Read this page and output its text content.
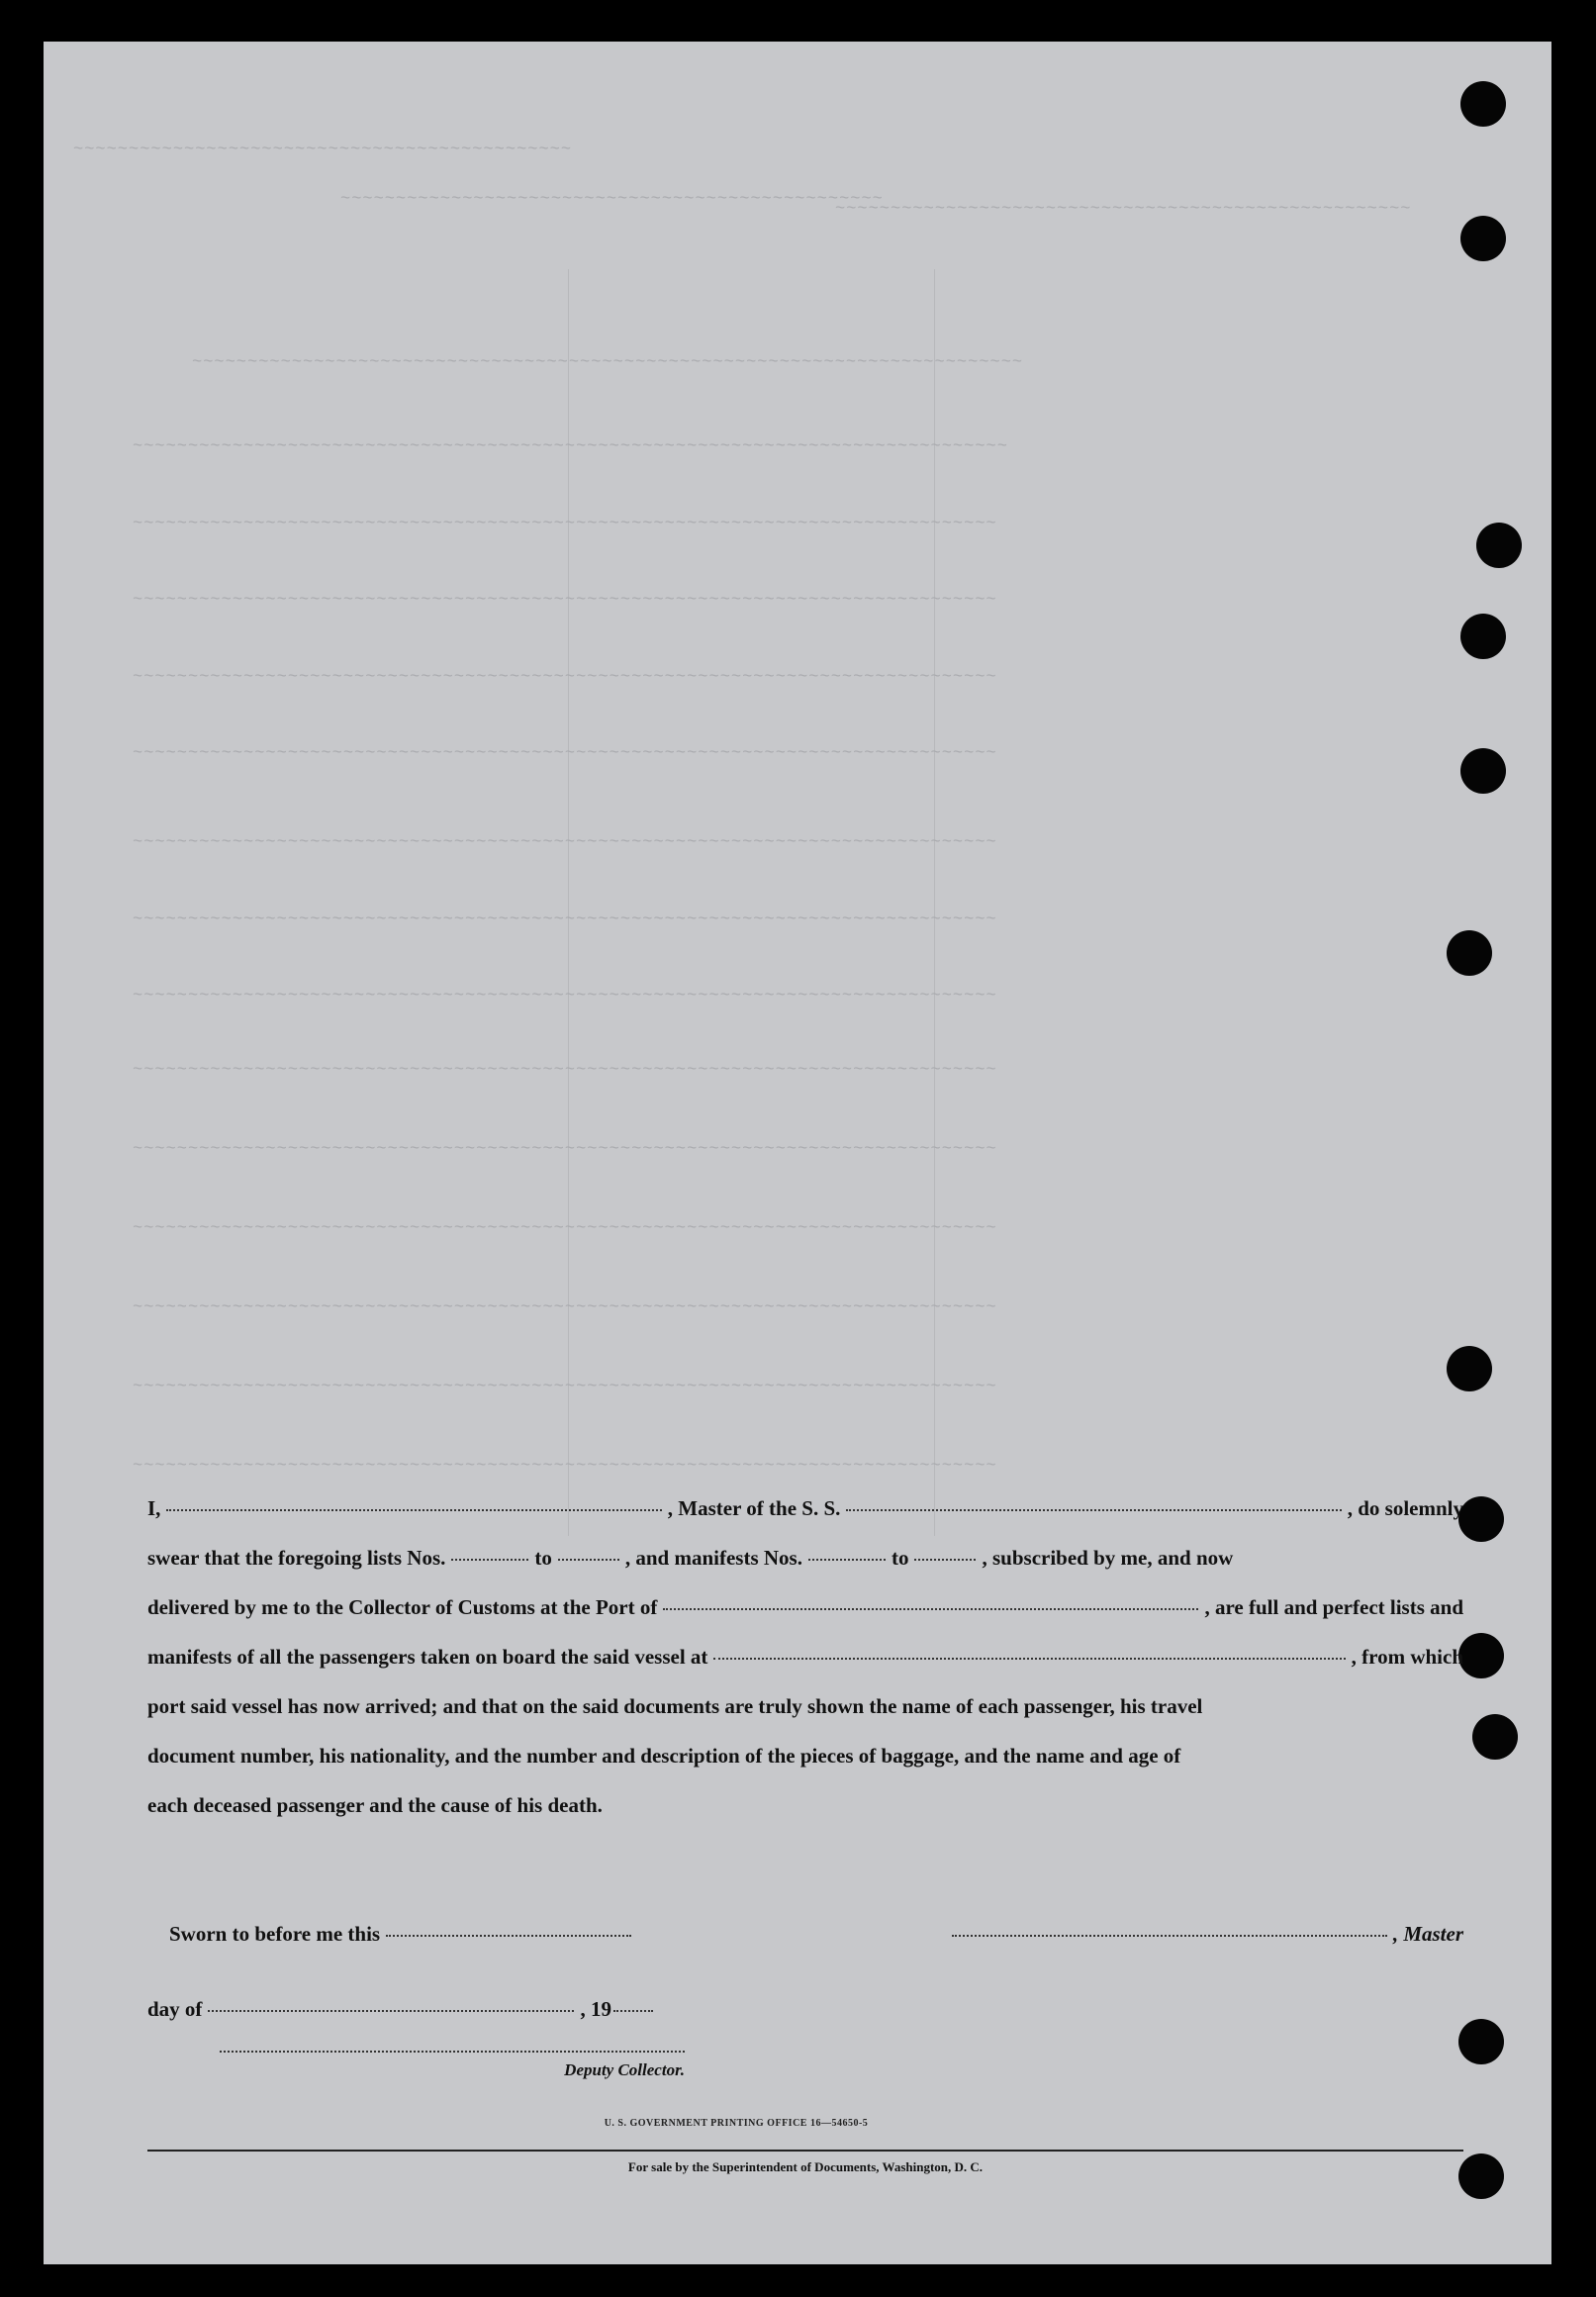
~~~~~~~~~~~~~~~~~~~~~~~~~~~~~~~~~~~~~~~~~~~~~
~~~~~~~~~~~~~~~~~~~~~~~~~~~~~~~~~~~~~~~~~~~~~~~~~
~~~~~~~~~~~~~~~~~~~~~~~~~~~~~~~~~~~~~~~~~~~~~~~~~~~~
~~~~~~~~~~~~~~~~~~~~~~~~~~~~~~~~~~~~~~~~~~~~~~~~~~~~~~~~~~~~~~~~~~~~~~~~~~~
~~~~~~~~~~~~~~~~~~~~~~~~~~~~~~~~~~~~~~~~~~~~~~~~~~~~~~~~~~~~~~~~~~~~~~~~~~~~~~~
~~~~~~~~~~~~~~~~~~~~~~~~~~~~~~~~~~~~~~~~~~~~~~~~~~~~~~~~~~~~~~~~~~~~~~~~~~~~~~
~~~~~~~~~~~~~~~~~~~~~~~~~~~~~~~~~~~~~~~~~~~~~~~~~~~~~~~~~~~~~~~~~~~~~~~~~~~~~~
~~~~~~~~~~~~~~~~~~~~~~~~~~~~~~~~~~~~~~~~~~~~~~~~~~~~~~~~~~~~~~~~~~~~~~~~~~~~~~
~~~~~~~~~~~~~~~~~~~~~~~~~~~~~~~~~~~~~~~~~~~~~~~~~~~~~~~~~~~~~~~~~~~~~~~~~~~~~~
~~~~~~~~~~~~~~~~~~~~~~~~~~~~~~~~~~~~~~~~~~~~~~~~~~~~~~~~~~~~~~~~~~~~~~~~~~~~~~
~~~~~~~~~~~~~~~~~~~~~~~~~~~~~~~~~~~~~~~~~~~~~~~~~~~~~~~~~~~~~~~~~~~~~~~~~~~~~~
~~~~~~~~~~~~~~~~~~~~~~~~~~~~~~~~~~~~~~~~~~~~~~~~~~~~~~~~~~~~~~~~~~~~~~~~~~~~~~
~~~~~~~~~~~~~~~~~~~~~~~~~~~~~~~~~~~~~~~~~~~~~~~~~~~~~~~~~~~~~~~~~~~~~~~~~~~~~~
~~~~~~~~~~~~~~~~~~~~~~~~~~~~~~~~~~~~~~~~~~~~~~~~~~~~~~~~~~~~~~~~~~~~~~~~~~~~~~
~~~~~~~~~~~~~~~~~~~~~~~~~~~~~~~~~~~~~~~~~~~~~~~~~~~~~~~~~~~~~~~~~~~~~~~~~~~~~~
~~~~~~~~~~~~~~~~~~~~~~~~~~~~~~~~~~~~~~~~~~~~~~~~~~~~~~~~~~~~~~~~~~~~~~~~~~~~~~
~~~~~~~~~~~~~~~~~~~~~~~~~~~~~~~~~~~~~~~~~~~~~~~~~~~~~~~~~~~~~~~~~~~~~~~~~~~~~~
~~~~~~~~~~~~~~~~~~~~~~~~~~~~~~~~~~~~~~~~~~~~~~~~~~~~~~~~~~~~~~~~~~~~~~~~~~~~~~
I,	, Master of the S. S.	, do solemnly
swear that the foregoing lists Nos.	to	, and manifests Nos.	to	, subscribed by me, and now
delivered by me to the Collector of Customs at the Port of	, are full and perfect lists and
manifests of all the passengers taken on board the said vessel at	, from which
port said vessel has now arrived; and that on the said documents are truly shown the name of each passenger, his travel
document number, his nationality, and the number and description of the pieces of baggage, and the name and age of
each deceased passenger and the cause of his death.
Sworn to before me this	, Master
day of	, 19
Deputy Collector.
U. S. GOVERNMENT PRINTING OFFICE 16—54650-5
For sale by the Superintendent of Documents, Washington, D. C.
